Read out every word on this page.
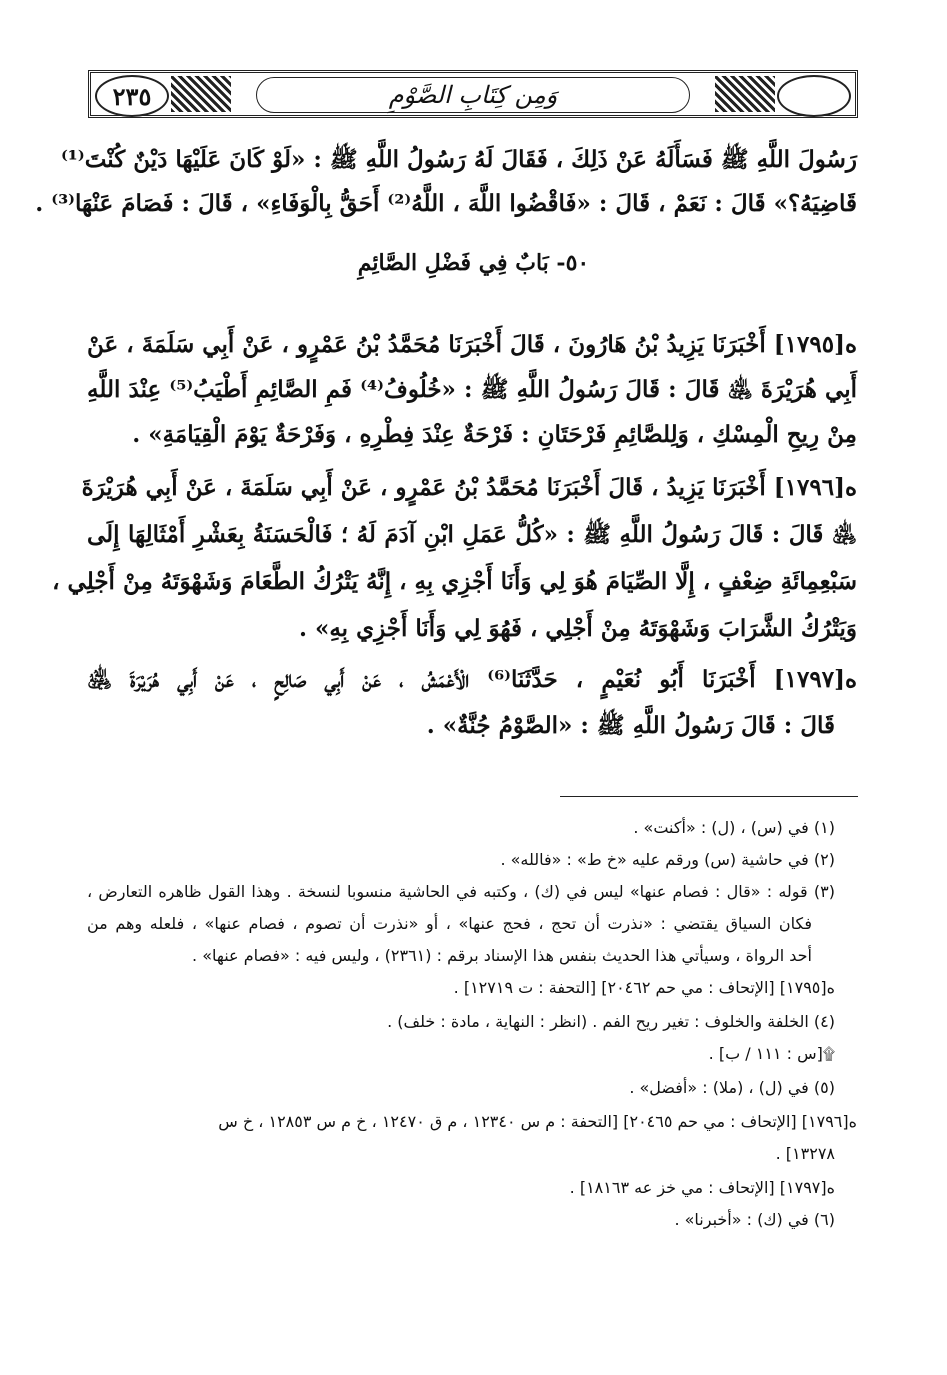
٢٣٥	وَمِن كِتَابِ الصَّوْمِ
رَسُولَ اللَّهِ ﷺ فَسَأَلَهُ عَنْ ذَلِكَ ، فَقَالَ لَهُ رَسُولُ اللَّهِ ﷺ : «لَوْ كَانَ عَلَيْهَا دَيْنٌ كُنْتَ⁽¹⁾
قَاضِيَهُ؟» قَالَ : نَعَمْ ، قَالَ : «فَاقْضُوا اللَّهَ ، اللَّهُ⁽²⁾ أَحَقُّ بِالْوَفَاءِ» ، قَالَ : فَصَامَ عَنْهَا⁽³⁾ .
٥٠- بَابٌ فِي فَضْلِ الصَّائِمِ
ه[١٧٩٥] أَخْبَرَنَا يَزِيدُ بْنُ هَارُونَ ، قَالَ أَخْبَرَنَا مُحَمَّدُ بْنُ عَمْرٍو ، عَنْ أَبِي سَلَمَةَ ، عَنْ
أَبِي هُرَيْرَةَ ﵁ قَالَ : قَالَ رَسُولُ اللَّهِ ﷺ : «خُلُوفُ⁽⁴⁾ فَمِ الصَّائِمِ أَطْيَبُ⁽⁵⁾ عِنْدَ اللَّهِ
مِنْ رِيحِ الْمِسْكِ ، وَلِلصَّائِمِ فَرْحَتَانِ : فَرْحَةٌ عِنْدَ فِطْرِهِ ، وَفَرْحَةٌ يَوْمَ الْقِيَامَةِ» .
ه[١٧٩٦] أَخْبَرَنَا يَزِيدُ ، قَالَ أَخْبَرَنَا مُحَمَّدُ بْنُ عَمْرٍو ، عَنْ أَبِي سَلَمَةَ ، عَنْ أَبِي هُرَيْرَةَ
﵁ قَالَ : قَالَ رَسُولُ اللَّهِ ﷺ : «كُلُّ عَمَلِ ابْنِ آدَمَ لَهُ ؛ فَالْحَسَنَةُ بِعَشْرِ أَمْثَالِهَا إِلَى
سَبْعِمِائَةِ ضِعْفٍ ، إِلَّا الصِّيَامَ هُوَ لِي وَأَنَا أَجْزِي بِهِ ، إِنَّهُ يَتْرُكُ الطَّعَامَ وَشَهْوَتَهُ مِنْ أَجْلِي ،
وَيَتْرُكُ الشَّرَابَ وَشَهْوَتَهُ مِنْ أَجْلِي ، فَهُوَ لِي وَأَنَا أَجْزِي بِهِ» .
ه[١٧٩٧] أَخْبَرَنَا أَبُو نُعَيْمٍ ، حَدَّثَنَا⁽⁶⁾ الْأَعْمَشُ ، عَنْ أَبِي صَالِحٍ ، عَنْ أَبِي هُرَيْرَةَ ﵁
قَالَ : قَالَ رَسُولُ اللَّهِ ﷺ : «الصَّوْمُ جُنَّةٌ» .
(١) في (س) ، (ل) : «أكنت» .
(٢) في حاشية (س) ورقم عليه «خ ط» : «فالله» .
(٣) قوله : «قال : فصام عنها» ليس في (ك) ، وكتبه في الحاشية منسوبا لنسخة . وهذا القول ظاهره التعارض ،
فكان السياق يقتضي : «نذرت أن تحج ، فحج عنها» ، أو «نذرت أن تصوم ، فصام عنها» ، فلعله وهم من
أحد الرواة ، وسيأتي هذا الحديث بنفس هذا الإسناد برقم : (٢٣٦١) ، وليس فيه : «فصام عنها» .
ه[١٧٩٥] [الإتحاف : مي حم ٢٠٤٦٢] [التحفة : ت ١٢٧١٩] .
(٤) الخلفة والخلوف : تغير ريح الفم . (انظر : النهاية ، مادة : خلف) .
۩[س : ١١١ / ب] .
(٥) في (ل) ، (ملا) : «أفضل» .
ه[١٧٩٦] [الإتحاف : مي حم ٢٠٤٦٥] [التحفة : م س ١٢٣٤٠ ، م ق ١٢٤٧٠ ، خ م س ١٢٨٥٣ ، خ س
١٣٢٧٨] .
ه[١٧٩٧] [الإتحاف : مي خز عه ١٨١٦٣] .
(٦) في (ك) : «أخبرنا» .
